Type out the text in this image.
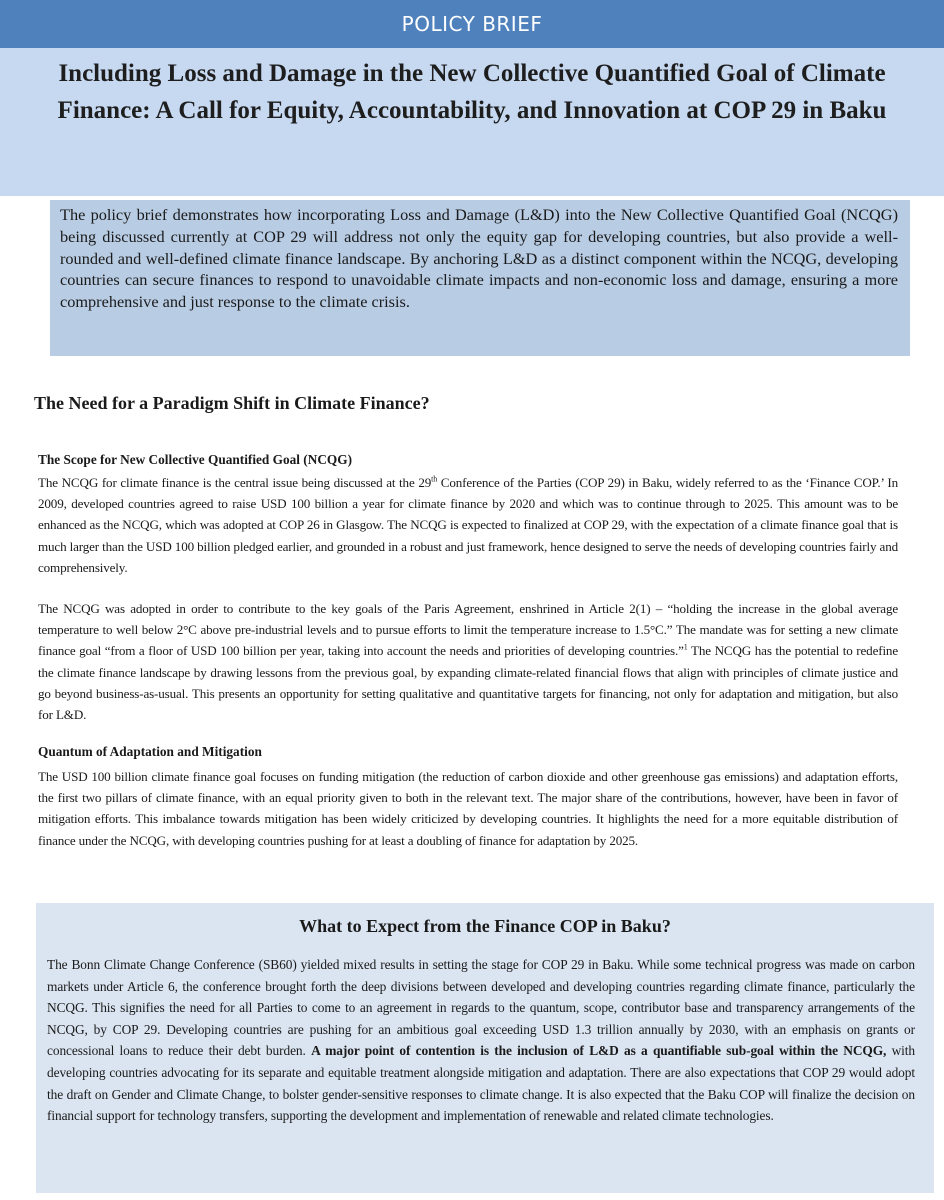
POLICY BRIEF
Including Loss and Damage in the New Collective Quantified Goal of Climate Finance: A Call for Equity, Accountability, and Innovation at COP 29 in Baku

The policy brief demonstrates how incorporating Loss and Damage (L&D) into the New Collective Quantified Goal (NCQG) being discussed currently at COP 29 will address not only the equity gap for developing countries, but also provide a well-rounded and well-defined climate finance landscape. By anchoring L&D as a distinct component within the NCQG, developing countries can secure finances to respond to unavoidable climate impacts and non-economic loss and damage, ensuring a more comprehensive and just response to the climate crisis.

The Need for a Paradigm Shift in Climate Finance?
The Scope for New Collective Quantified Goal (NCQG)

The NCQG for climate finance is the central issue being discussed at the 29th Conference of the Parties (COP 29) in Baku, widely referred to as the ‘Finance COP.’ In 2009, developed countries agreed to raise USD 100 billion a year for climate finance by 2020 and which was to continue through to 2025. This amount was to be enhanced as the NCQG, which was adopted at COP 26 in Glasgow. The NCQG is expected to finalized at COP 29, with the expectation of a climate finance goal that is much larger than the USD 100 billion pledged earlier, and grounded in a robust and just framework, hence designed to serve the needs of developing countries fairly and comprehensively.

The NCQG was adopted in order to contribute to the key goals of the Paris Agreement, enshrined in Article 2(1) – “holding the increase in the global average temperature to well below 2°C above pre-industrial levels and to pursue efforts to limit the temperature increase to 1.5°C.” The mandate was for setting a new climate finance goal “from a floor of USD 100 billion per year, taking into account the needs and priorities of developing countries.”$^1$ The NCQG has the potential to redefine the climate finance landscape by drawing lessons from the previous goal, by expanding climate-related financial flows that align with principles of climate justice and go beyond business-as-usual. This presents an opportunity for setting qualitative and quantitative targets for financing, not only for adaptation and mitigation, but also for L&D.

Quantum of Adaptation and Mitigation

The USD 100 billion climate finance goal focuses on funding mitigation (the reduction of carbon dioxide and other greenhouse gas emissions) and adaptation efforts, the first two pillars of climate finance, with an equal priority given to both in the relevant text. The major share of the contributions, however, have been in favor of mitigation efforts. This imbalance towards mitigation has been widely criticized by developing countries. It highlights the need for a more equitable distribution of finance under the NCQG, with developing countries pushing for at least a doubling of finance for adaptation by 2025.

What to Expect from the Finance COP in Baku?

The Bonn Climate Change Conference (SB60) yielded mixed results in setting the stage for COP 29 in Baku. While some technical progress was made on carbon markets under Article 6, the conference brought forth the deep divisions between developed and developing countries regarding climate finance, particularly the NCQG. This signifies the need for all Parties to come to an agreement in regards to the quantum, scope, contributor base and transparency arrangements of the NCQG, by COP 29. Developing countries are pushing for an ambitious goal exceeding USD 1.3 trillion annually by 2030, with an emphasis on grants or concessional loans to reduce their debt burden. A major point of contention is the inclusion of L&D as a quantifiable sub-goal within the NCQG, with developing countries advocating for its separate and equitable treatment alongside mitigation and adaptation. There are also expectations that COP 29 would adopt the draft on Gender and Climate Change, to bolster gender-sensitive responses to climate change. It is also expected that the Baku COP will finalize the decision on financial support for technology transfers, supporting the development and implementation of renewable and related climate technologies.
